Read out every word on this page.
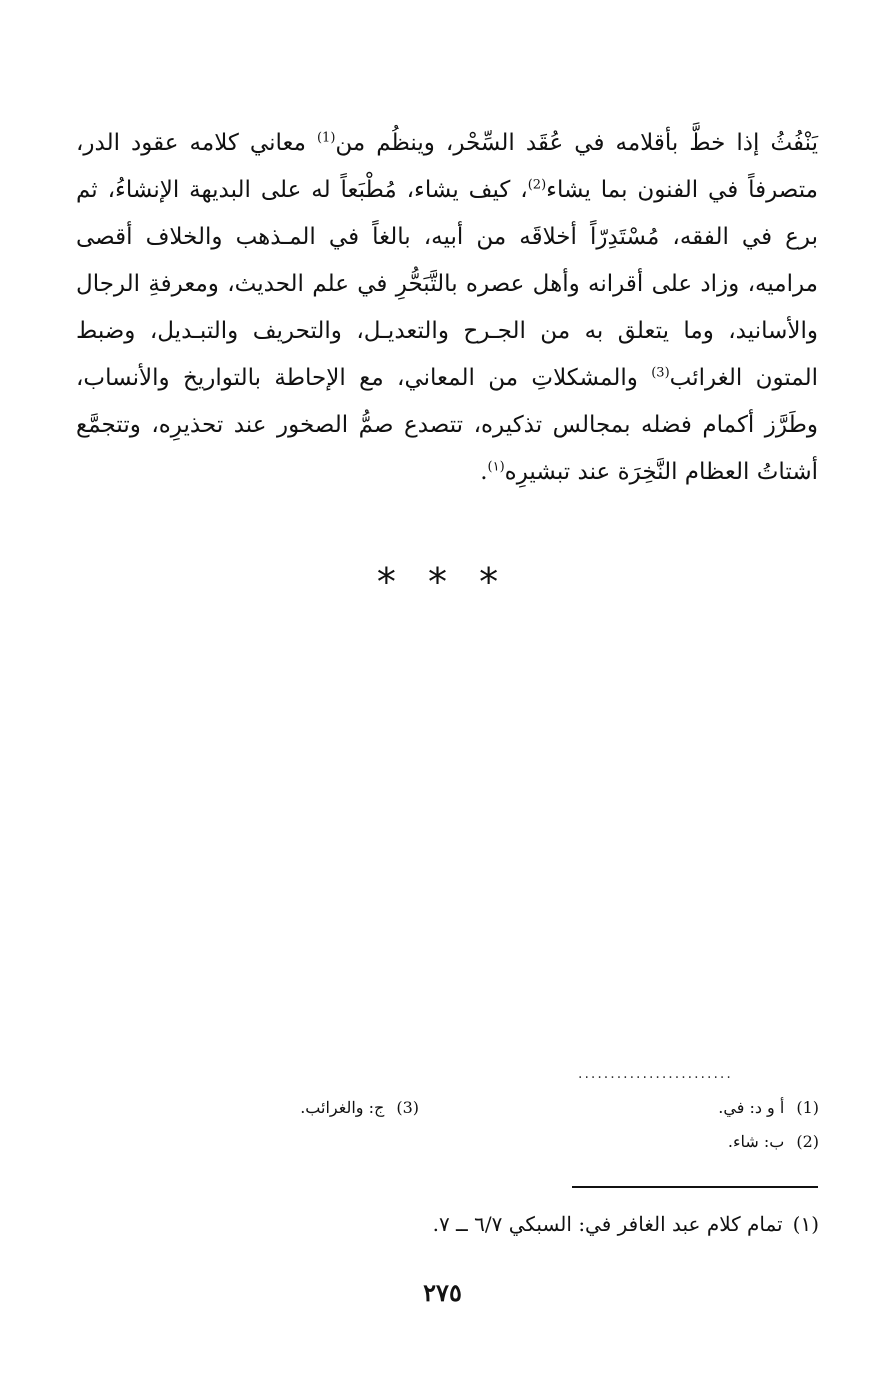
يَنْفُثُ إذا خطَّ بأقلامه في عُقَد السِّحْر، وينظُم من$^{(1)}$ معاني كلامه عقود الدر،
متصرفاً في الفنون بما يشاء$^{(2)}$، كيف يشاء، مُطْبَعاً له على البديهة الإنشاءُ، ثم
برع في الفقه، مُسْتَدِرّاً أخلاقَه من أبيه، بالغاً في المـذهب والخلاف أقصى
مراميه، وزاد على أقرانه وأهل عصره بالتَّبَحُّرِ في علم الحديث، ومعرفةِ الرجال
والأسانيد، وما يتعلق به من الجـرح والتعديـل، والتحريف والتبـديل، وضبط
المتون الغرائب$^{(3)}$ والمشكلاتِ من المعاني، مع الإحاطة بالتواريخ والأنساب،
وطَرَّز أكمام فضله بمجالس تذكيره، تتصدع صمُّ الصخور عند تحذيرِه، وتتجمَّع
أشتاتُ العظام النَّخِرَة عند تبشيرِه$^{(١)}$.
* * *
........................
(1)أ و د: في.
(2)ب: شاء.
(3)ج: والغرائب.
(١)تمام كلام عبد الغافر في: السبكي ٦/٧ ــ ٧.
٢٧٥
